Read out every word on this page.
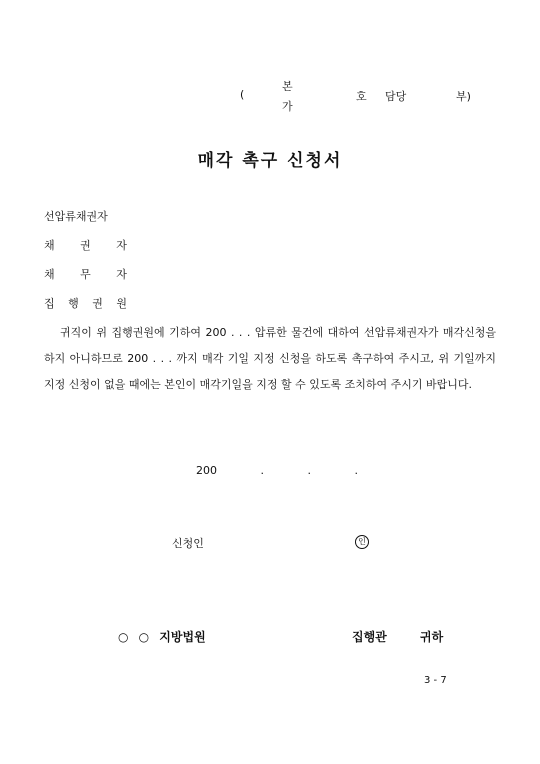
(
본
가
호 담당	부)
매각 촉구 신청서
선압류채권자
채 권 자
채 무 자
집 행 권 원
귀직이 위 집행권원에 기하여 200 . . . 압류한 물건에 대하여 선압류채권자가 매각신청을 하지 아니하므로 200 . . . 까지 매각 기일 지정 신청을 하도록 촉구하여 주시고, 위 기일까지 지정 신청이 없을 때에는 본인이 매각기일을 지정 할 수 있도록 조치하여 주시기 바랍니다.
200 . . .
신청인	인
○ ○ 지방법원	집행관	귀하
3 - 7
